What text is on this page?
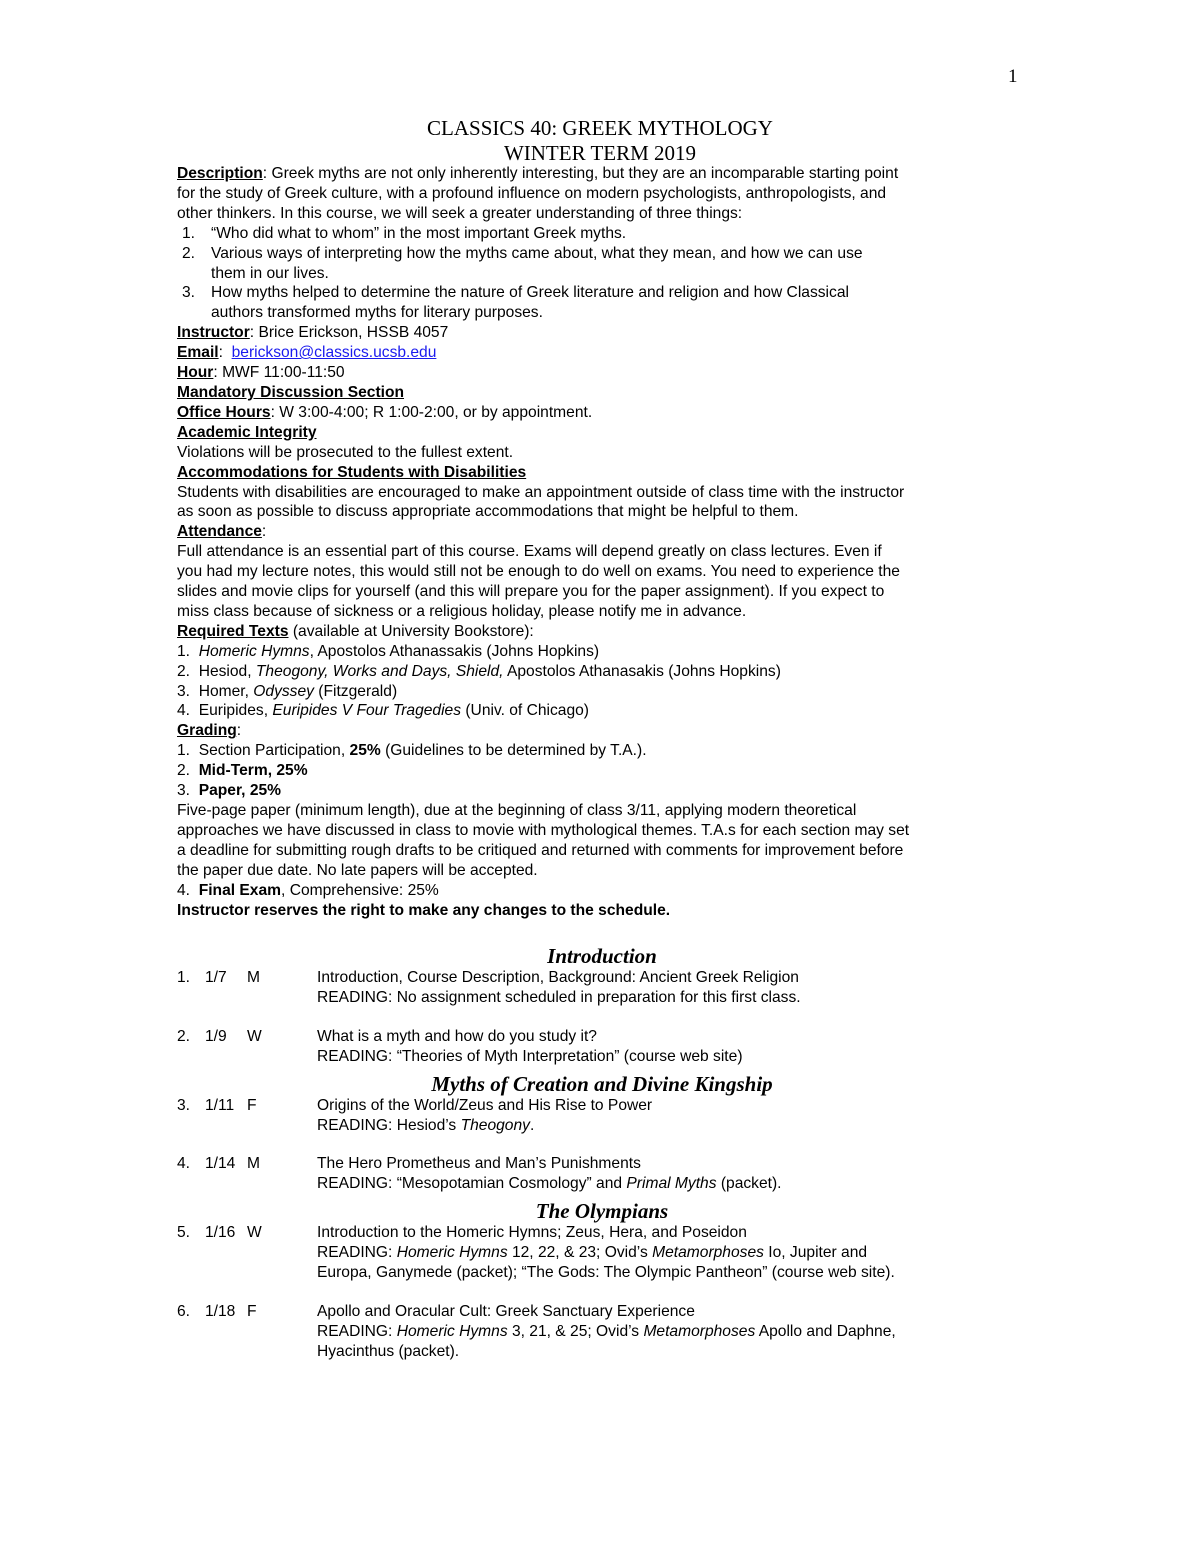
1
CLASSICS 40: GREEK MYTHOLOGY
WINTER TERM 2019

Description: Greek myths are not only inherently interesting, but they are an incomparable starting point

for the study of Greek culture, with a profound influence on modern psychologists, anthropologists, and

other thinkers. In this course, we will seek a greater understanding of three things:

1.	“Who did what to whom” in the most important Greek myths.

2.	Various ways of interpreting how the myths came about, what they mean, and how we can use

them in our lives.

3.	How myths helped to determine the nature of Greek literature and religion and how Classical

authors transformed myths for literary purposes.

Instructor: Brice Erickson, HSSB 4057

Email:  berickson@classics.ucsb.edu

Hour: MWF 11:00-11:50

Mandatory Discussion Section

Office Hours: W 3:00-4:00; R 1:00-2:00, or by appointment.

Academic Integrity

Violations will be prosecuted to the fullest extent.

Accommodations for Students with Disabilities

Students with disabilities are encouraged to make an appointment outside of class time with the instructor

as soon as possible to discuss appropriate accommodations that might be helpful to them.

Attendance:

Full attendance is an essential part of this course. Exams will depend greatly on class lectures. Even if

you had my lecture notes, this would still not be enough to do well on exams. You need to experience the

slides and movie clips for yourself (and this will prepare you for the paper assignment). If you expect to

miss class because of sickness or a religious holiday, please notify me in advance.

Required Texts (available at University Bookstore):

1. Homeric Hymns, Apostolos Athanassakis (Johns Hopkins)

2. Hesiod, Theogony, Works and Days, Shield, Apostolos Athanasakis (Johns Hopkins)

3. Homer, Odyssey (Fitzgerald)

4. Euripides, Euripides V Four Tragedies (Univ. of Chicago)

Grading:

1. Section Participation, 25% (Guidelines to be determined by T.A.).

2. Mid-Term, 25%

3. Paper, 25%

Five-page paper (minimum length), due at the beginning of class 3/11, applying modern theoretical

approaches we have discussed in class to movie with mythological themes. T.A.s for each section may set

a deadline for submitting rough drafts to be critiqued and returned with comments for improvement before

the paper due date. No late papers will be accepted.

4. Final Exam, Comprehensive: 25%

Instructor reserves the right to make any changes to the schedule.

Introduction
1. 1/7	M	Introduction, Course Description, Background: Ancient Greek Religion

READING: No assignment scheduled in preparation for this first class.

2. 1/9	W	What is a myth and how do you study it?

READING: “Theories of Myth Interpretation” (course web site)

Myths of Creation and Divine Kingship
3. 1/11 F	Origins of the World/Zeus and His Rise to Power

READING: Hesiod’s Theogony.

4. 1/14 M	The Hero Prometheus and Man’s Punishments

READING: “Mesopotamian Cosmology” and Primal Myths (packet).

The Olympians
5. 1/16 W	Introduction to the Homeric Hymns; Zeus, Hera, and Poseidon

READING: Homeric Hymns 12, 22, & 23; Ovid’s Metamorphoses Io, Jupiter and

Europa, Ganymede (packet); “The Gods: The Olympic Pantheon” (course web site).

6. 1/18 F	Apollo and Oracular Cult: Greek Sanctuary Experience

READING: Homeric Hymns 3, 21, & 25; Ovid’s Metamorphoses Apollo and Daphne,

Hyacinthus (packet).
